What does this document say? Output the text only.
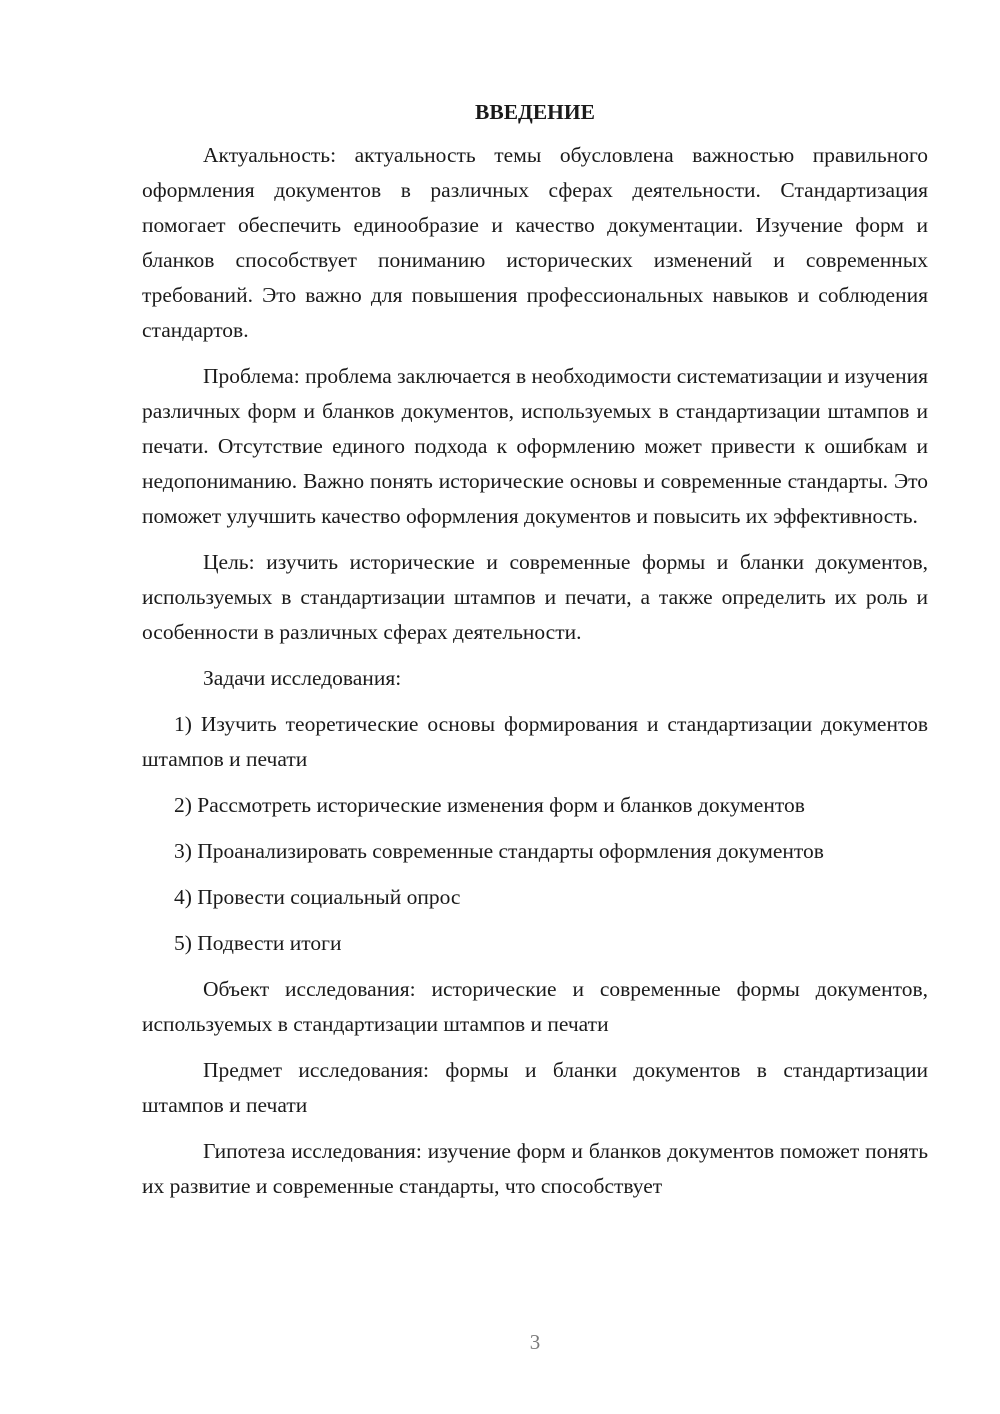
ВВЕДЕНИЕ

Актуальность: актуальность темы обусловлена важностью правильного оформления документов в различных сферах деятельности. Стандартизация помогает обеспечить единообразие и качество документации. Изучение форм и бланков способствует пониманию исторических изменений и современных требований. Это важно для повышения профессиональных навыков и соблюдения стандартов.

Проблема: проблема заключается в необходимости систематизации и изучения различных форм и бланков документов, используемых в стандартизации штампов и печати. Отсутствие единого подхода к оформлению может привести к ошибкам и недопониманию. Важно понять исторические основы и современные стандарты. Это поможет улучшить качество оформления документов и повысить их эффективность.

Цель: изучить исторические и современные формы и бланки документов, используемых в стандартизации штампов и печати, а также определить их роль и особенности в различных сферах деятельности.

Задачи исследования:

1) Изучить теоретические основы формирования и стандартизации документов штампов и печати

2) Рассмотреть исторические изменения форм и бланков документов

3) Проанализировать современные стандарты оформления документов

4) Провести социальный опрос

5) Подвести итоги

Объект исследования: исторические и современные формы документов, используемых в стандартизации штампов и печати

Предмет исследования: формы и бланки документов в стандартизации штампов и печати

Гипотеза исследования: изучение форм и бланков документов поможет понять их развитие и современные стандарты, что способствует

3
